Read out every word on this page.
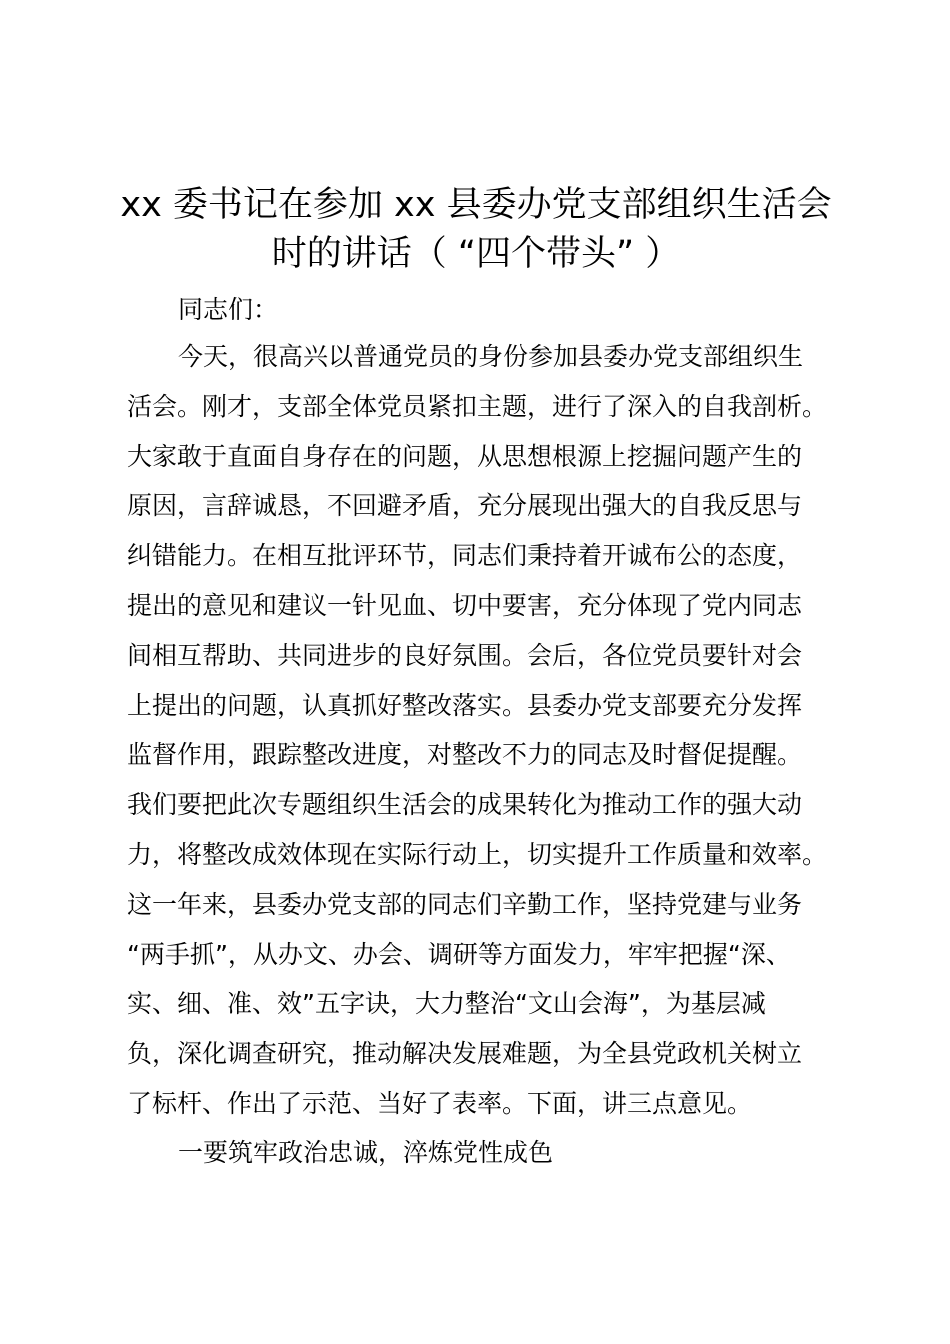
xx 委书记在参加 xx 县委办党支部组织生活会
时的讲话（ “四个带头” ）

同志们：

今天，很高兴以普通党员的身份参加县委办党支部组织生
活会。刚才，支部全体党员紧扣主题，进行了深入的自我剖析。
大家敢于直面自身存在的问题，从思想根源上挖掘问题产生的
原因，言辞诚恳，不回避矛盾，充分展现出强大的自我反思与
纠错能力。在相互批评环节，同志们秉持着开诚布公的态度，
提出的意见和建议一针见血、切中要害，充分体现了党内同志
间相互帮助、共同进步的良好氛围。会后，各位党员要针对会
上提出的问题，认真抓好整改落实。县委办党支部要充分发挥
监督作用，跟踪整改进度，对整改不力的同志及时督促提醒。
我们要把此次专题组织生活会的成果转化为推动工作的强大动
力，将整改成效体现在实际行动上，切实提升工作质量和效率。
这一年来，县委办党支部的同志们辛勤工作，坚持党建与业务
“两手抓”，从办文、办会、调研等方面发力，牢牢把握“深、
实、细、准、效”五字诀，大力整治“文山会海”，为基层减
负，深化调查研究，推动解决发展难题，为全县党政机关树立
了标杆、作出了示范、当好了表率。下面，讲三点意见。

一要筑牢政治忠诚，淬炼党性成色
